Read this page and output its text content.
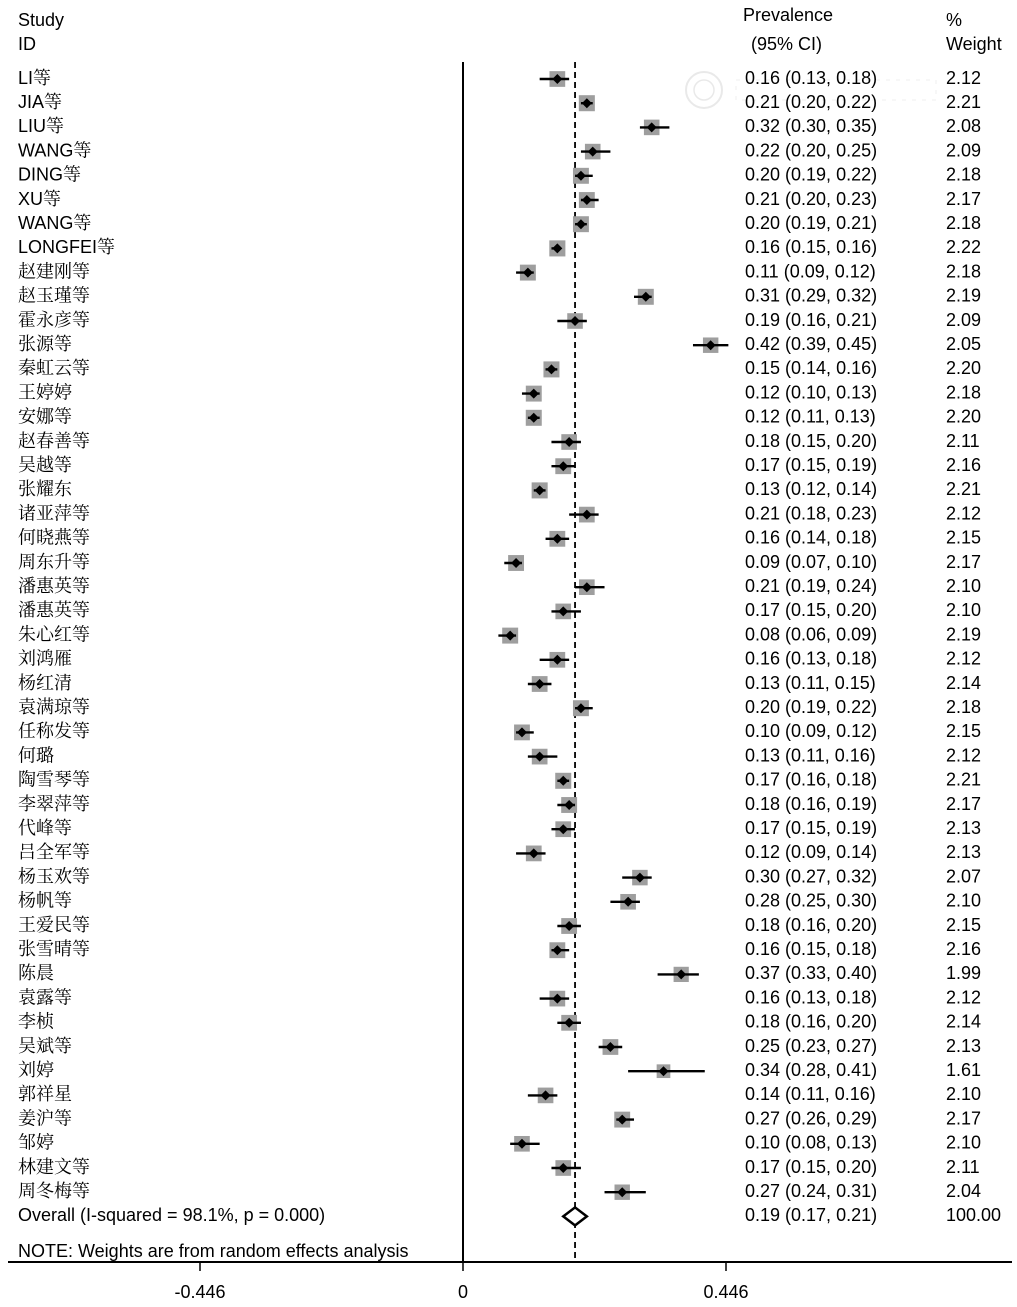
Study
ID
Prevalence
(95% CI)
%
Weight
-0.446	0	0.446
LI等	0.16 (0.13, 0.18)	2.12
JIA等	0.21 (0.20, 0.22)	2.21
LIU等	0.32 (0.30, 0.35)	2.08
WANG等	0.22 (0.20, 0.25)	2.09
DING等	0.20 (0.19, 0.22)	2.18
XU等	0.21 (0.20, 0.23)	2.17
WANG等	0.20 (0.19, 0.21)	2.18
LONGFEI等	0.16 (0.15, 0.16)	2.22
赵建刚等	0.11 (0.09, 0.12)	2.18
赵玉瑾等	0.31 (0.29, 0.32)	2.19
霍永彦等	0.19 (0.16, 0.21)	2.09
张源等	0.42 (0.39, 0.45)	2.05
秦虹云等	0.15 (0.14, 0.16)	2.20
王婷婷	0.12 (0.10, 0.13)	2.18
安娜等	0.12 (0.11, 0.13)	2.20
赵春善等	0.18 (0.15, 0.20)	2.11
吴越等	0.17 (0.15, 0.19)	2.16
张耀东	0.13 (0.12, 0.14)	2.21
诸亚萍等	0.21 (0.18, 0.23)	2.12
何晓燕等	0.16 (0.14, 0.18)	2.15
周东升等	0.09 (0.07, 0.10)	2.17
潘惠英等	0.21 (0.19, 0.24)	2.10
潘惠英等	0.17 (0.15, 0.20)	2.10
朱心红等	0.08 (0.06, 0.09)	2.19
刘鸿雁	0.16 (0.13, 0.18)	2.12
杨红清	0.13 (0.11, 0.15)	2.14
袁满琼等	0.20 (0.19, 0.22)	2.18
任称发等	0.10 (0.09, 0.12)	2.15
何璐	0.13 (0.11, 0.16)	2.12
陶雪琴等	0.17 (0.16, 0.18)	2.21
李翠萍等	0.18 (0.16, 0.19)	2.17
代峰等	0.17 (0.15, 0.19)	2.13
吕全军等	0.12 (0.09, 0.14)	2.13
杨玉欢等	0.30 (0.27, 0.32)	2.07
杨帆等	0.28 (0.25, 0.30)	2.10
王爱民等	0.18 (0.16, 0.20)	2.15
张雪晴等	0.16 (0.15, 0.18)	2.16
陈晨	0.37 (0.33, 0.40)	1.99
袁露等	0.16 (0.13, 0.18)	2.12
李桢	0.18 (0.16, 0.20)	2.14
吴斌等	0.25 (0.23, 0.27)	2.13
刘婷	0.34 (0.28, 0.41)	1.61
郭祥星	0.14 (0.11, 0.16)	2.10
姜沪等	0.27 (0.26, 0.29)	2.17
邹婷	0.10 (0.08, 0.13)	2.10
林建文等	0.17 (0.15, 0.20)	2.11
周冬梅等	0.27 (0.24, 0.31)	2.04
Overall (I-squared = 98.1%, p = 0.000)	0.19 (0.17, 0.21)	100.00
NOTE: Weights are from random effects analysis
